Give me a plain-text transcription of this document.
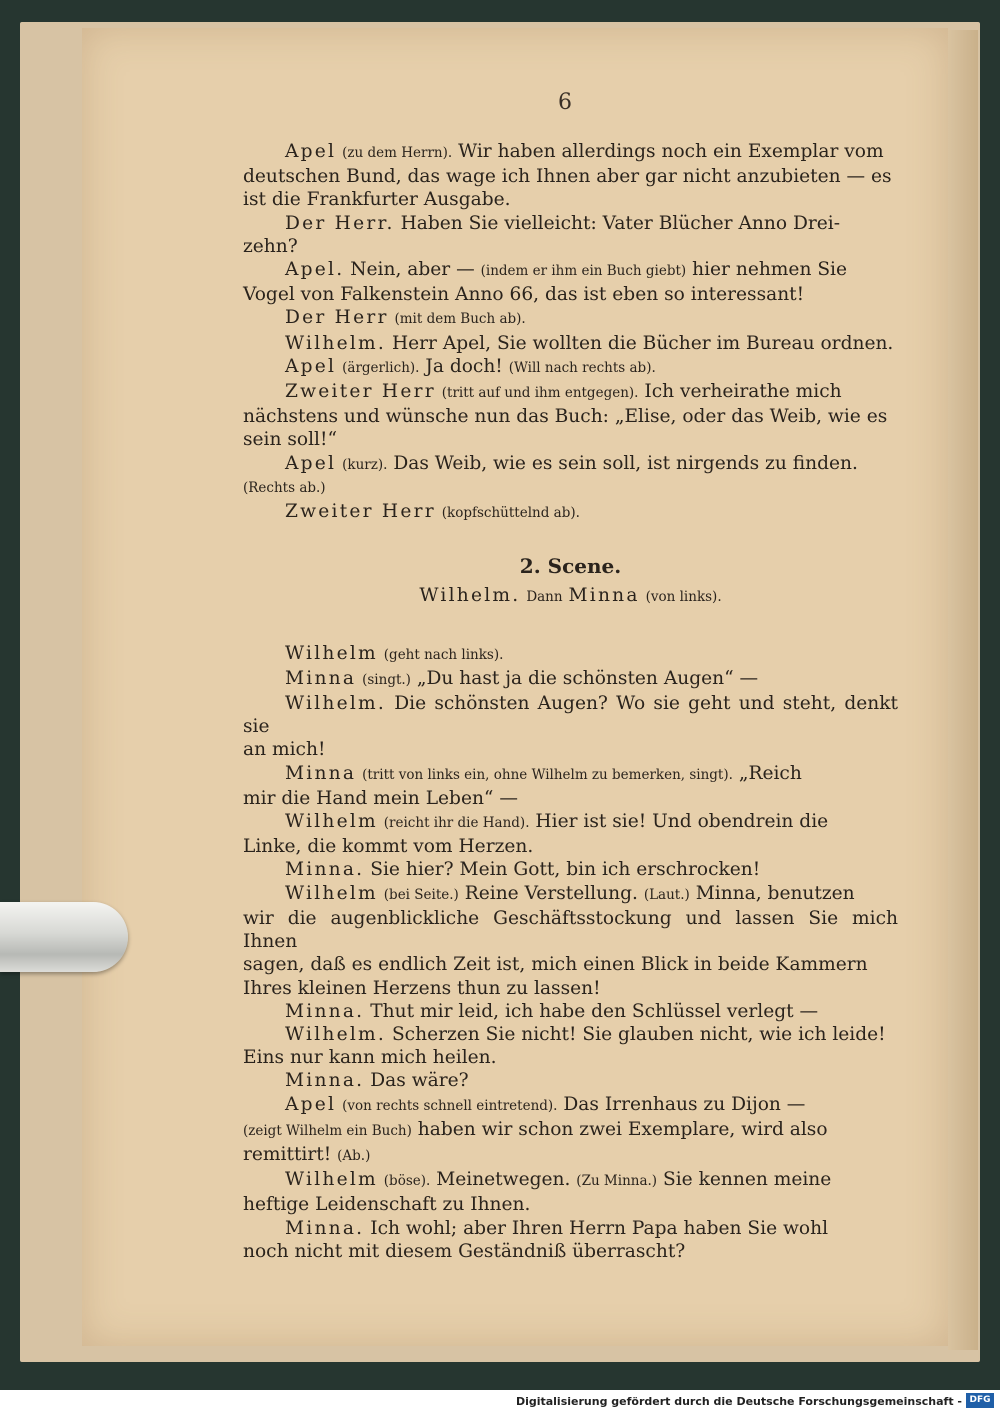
6

Apel (zu dem Herrn). Wir haben allerdings noch ein Exemplar vom

deutschen Bund, das wage ich Ihnen aber gar nicht anzubieten — es

ist die Frankfurter Ausgabe.

Der Herr. Haben Sie vielleicht: Vater Blücher Anno Drei-

zehn?

Apel. Nein, aber — (indem er ihm ein Buch giebt) hier nehmen Sie

Vogel von Falkenstein Anno 66, das ist eben so interessant!

Der Herr (mit dem Buch ab).

Wilhelm. Herr Apel, Sie wollten die Bücher im Bureau ordnen.

Apel (ärgerlich). Ja doch! (Will nach rechts ab).

Zweiter Herr (tritt auf und ihm entgegen). Ich verheirathe mich

nächstens und wünsche nun das Buch: „Elise, oder das Weib, wie es

sein soll!“

Apel (kurz). Das Weib, wie es sein soll, ist nirgends zu finden.

(Rechts ab.)

Zweiter Herr (kopfschüttelnd ab).

2. Scene.

Wilhelm. Dann Minna (von links).

Wilhelm (geht nach links).

Minna (singt.) „Du hast ja die schönsten Augen“ —

Wilhelm. Die schönsten Augen? Wo sie geht und steht, denkt sie

an mich!

Minna (tritt von links ein, ohne Wilhelm zu bemerken, singt). „Reich

mir die Hand mein Leben“ —

Wilhelm (reicht ihr die Hand). Hier ist sie! Und obendrein die

Linke, die kommt vom Herzen.

Minna. Sie hier? Mein Gott, bin ich erschrocken!

Wilhelm (bei Seite.) Reine Verstellung. (Laut.) Minna, benutzen

wir die augenblickliche Geschäftsstockung und lassen Sie mich Ihnen

sagen, daß es endlich Zeit ist, mich einen Blick in beide Kammern

Ihres kleinen Herzens thun zu lassen!

Minna. Thut mir leid, ich habe den Schlüssel verlegt —

Wilhelm. Scherzen Sie nicht! Sie glauben nicht, wie ich leide!

Eins nur kann mich heilen.

Minna. Das wäre?

Apel (von rechts schnell eintretend). Das Irrenhaus zu Dijon —

(zeigt Wilhelm ein Buch) haben wir schon zwei Exemplare, wird also

remittirt! (Ab.)

Wilhelm (böse). Meinetwegen. (Zu Minna.) Sie kennen meine

heftige Leidenschaft zu Ihnen.

Minna. Ich wohl; aber Ihren Herrn Papa haben Sie wohl

noch nicht mit diesem Geständniß überrascht?

Digitalisierung gefördert durch die Deutsche Forschungsgemeinschaft - DFG
